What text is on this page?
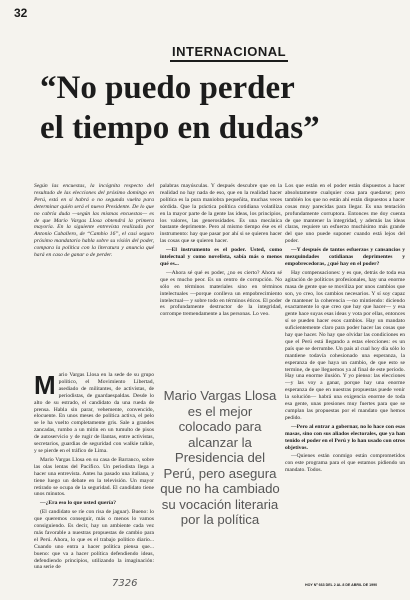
32
INTERNACIONAL
“No puedo perder
el tiempo en dudas”
Según las encuestas, la incógnita respecto del resultado de las elecciones del próximo domingo en Perú, está en si habrá o no segunda vuelta para determinar quién será el nuevo Presidente. De lo que no cabría duda —según las mismas encuestas— es de que Mario Vargas Llosa obtendrá la primera mayoría. En la siguiente entrevista realizada por Antonio Caballero, de “Cambio 16”, el casi seguro próximo mandatario habla sobre su visión del poder, compara la política con la literatura y anuncia qué hará en caso de ganar o de perder.

Mario Vargas Llosa en la sede de su grupo político, el Movimiento Libertad, asediado de militantes, de activistas, de periodistas, de guardaespaldas. Desde lo alto de su estrado, el candidato da una rueda de prensa. Habla sin parar, vehemente, convencido, elocuente. En unos meses de política activa, el pelo se le ha vuelto completamente gris. Sale a grandes zancadas, rumbo a un mitin en un tumulto de pisos de autoservicio y de rugir de llantas, entre activistas, secretarios, guardias de seguridad con walkie talkie, y se pierde en el tráfico de Lima.

Mario Vargas Llosa en su casa de Barranco, sobre las olas lentas del Pacífico. Un periodista llega a hacer una entrevista. Antes ha pasado una italiana, y tiene luego un debate en la televisión. Un mayor retirado se ocupa de la seguridad. El candidato tiene unos minutos.

—¿Era eso lo que usted quería?

(El candidato se ríe con risa de jaguar). Bueno: lo que queremos conseguir, más o menos lo vamos consiguiendo. Es decir, hay un ambiente cada vez más favorable a nuestras propuestas de cambio para el Perú. Ahora, lo que es el trabajo político diario... Cuando uno entra a hacer política piensa que... bueno: que va a hacer política defendiendo ideas, defendiendo principios, utilizando la imaginación: una serie de

palabras mayúsculas. Y después descubre que en la realidad no hay nada de eso, que en la realidad hacer política es la pura maniobra pequeñita, muchas veces sórdida. Que la práctica política cotidiana volatiliza en la mayor parte de la gente las ideas, los principios, los valores, las generosidades. Es una mecánica bastante deprimente. Pero al mismo tiempo ése es el instrumento: hay que pasar por ahí si se quieren hacer las cosas que se quieren hacer.

—El instrumento es el poder. Usted, como intelectual y como novelista, sabía más o menos qué es...

—Ahora sé qué es poder, ¿no es cierto? Ahora sé que es mucho peor. Es un centro de corrupción. No sólo en términos materiales sino en términos intelectuales —porque conlleva un empobrecimiento intelectual— y sobre todo en términos éticos. El poder es profundamente destructor de la integridad, corrompe tremendamente a las personas. Lo veo.

Mario Vargas Llosa es el mejor colocado para alcanzar la Presidencia del Perú, pero asegura que no ha cambiado su vocación literaria por la política

Los que están en el poder están dispuestos a hacer absolutamente cualquier cosa para quedarse; pero también los que no están ahí están dispuestos a hacer cosas muy parecidas para llegar. Es una tentación profundamente corruptora. Entonces me doy cuenta de que mantener la integridad, y además las ideas claras, requiere un esfuerzo muchísimo más grande del que uno puede suponer cuando está lejos del poder.

—Y después de tantos esfuerzos y cansancios y mezquindades cotidianas deprimentes y empobrecedoras, ¿qué hay en el poder?

Hay compensaciones: y es que, detrás de toda esa agitación de políticos profesionales, hay una enorme masa de gente que se moviliza por unos cambios que son, yo creo, los cambios necesarios. Y sí soy capaz de mantener la coherencia —no mintiendo: diciendo exactamente lo que creo que hay que hacer— y esa gente hace suyas esas ideas y vota por ellas, entonces sí se pueden hacer esos cambios. Hay un mandato suficientemente claro para poder hacer las cosas que hay que hacer. No hay que olvidar las condiciones en que el Perú está llegando a estas elecciones: es un país que se derrumbe. Un país al cual hoy día sólo lo mantiene todavía cohesionado una esperanza, la esperanza de que haya un cambio, de que esto se termine, de que lleguemos ya al final de este período. Hay una enorme ilusión. Y yo pienso: las elecciones —y las voy a ganar, porque hay una enorme esperanza de que en nuestras propuestas puede venir la solución— habrá una exigencia enorme de toda esa gente, unas presiones muy fuertes para que se cumplan las propuestas por el mandato que hemos pedido.

—Pero al entrar a gobernar, no lo hace con esas masas, sino con sus aliados electorales, que ya han tenido el poder en el Perú y lo han usado con otros objetivos.

—Quienes están conmigo están comprometidos con este programa para el que estamos pidiendo un mandato. Todos.

7326	HOY Nº 663 DEL 2 AL 8 DE ABRIL DE 1990
